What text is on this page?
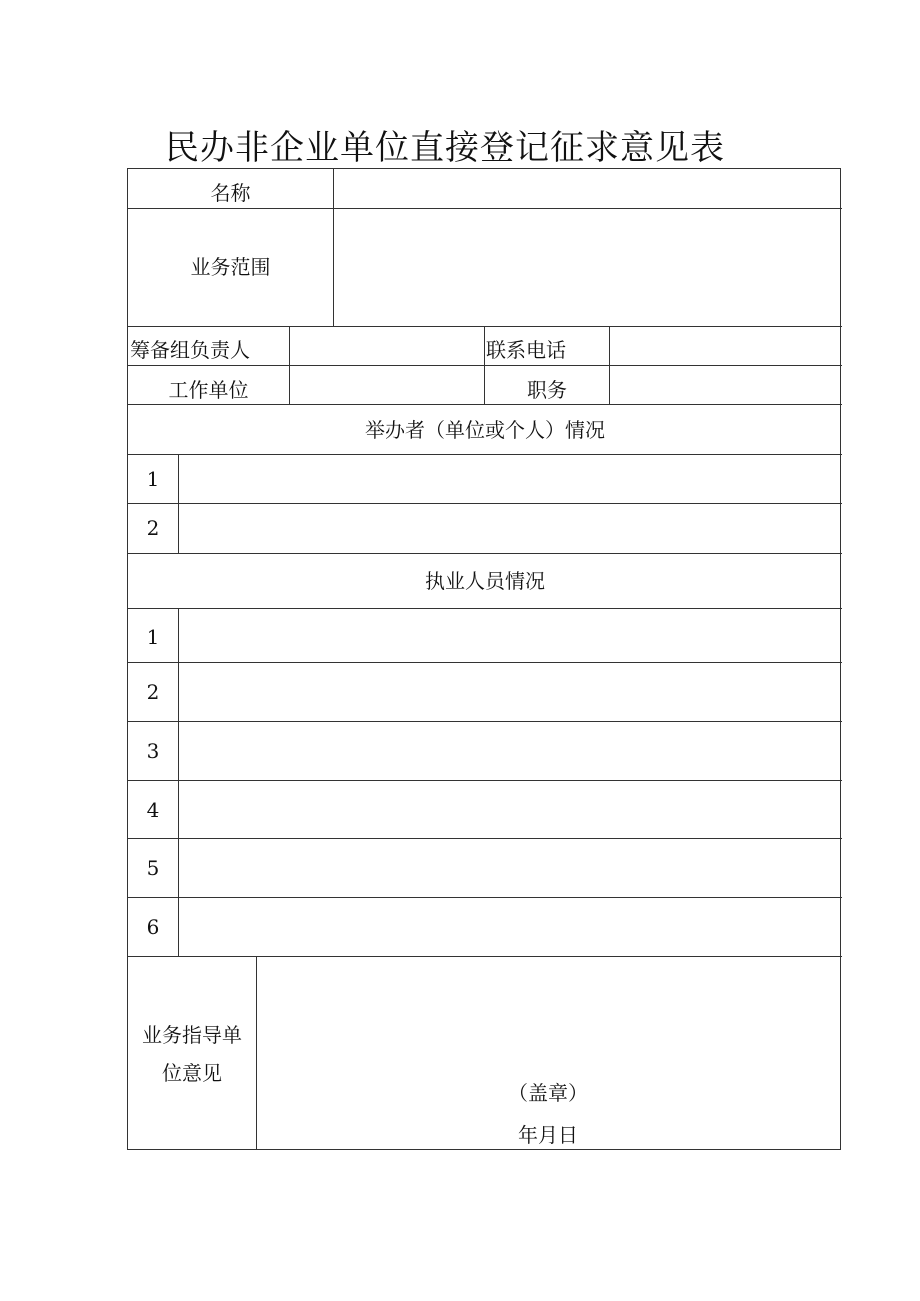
民办非企业单位直接登记征求意见表
名称
业务范围
筹备组负责人	联系电话
工作单位	职务
举办者（单位或个人）情况
1
2
执业人员情况
1
2
3
4
5
6
业务指导单
位意见
（盖章）
年月日
